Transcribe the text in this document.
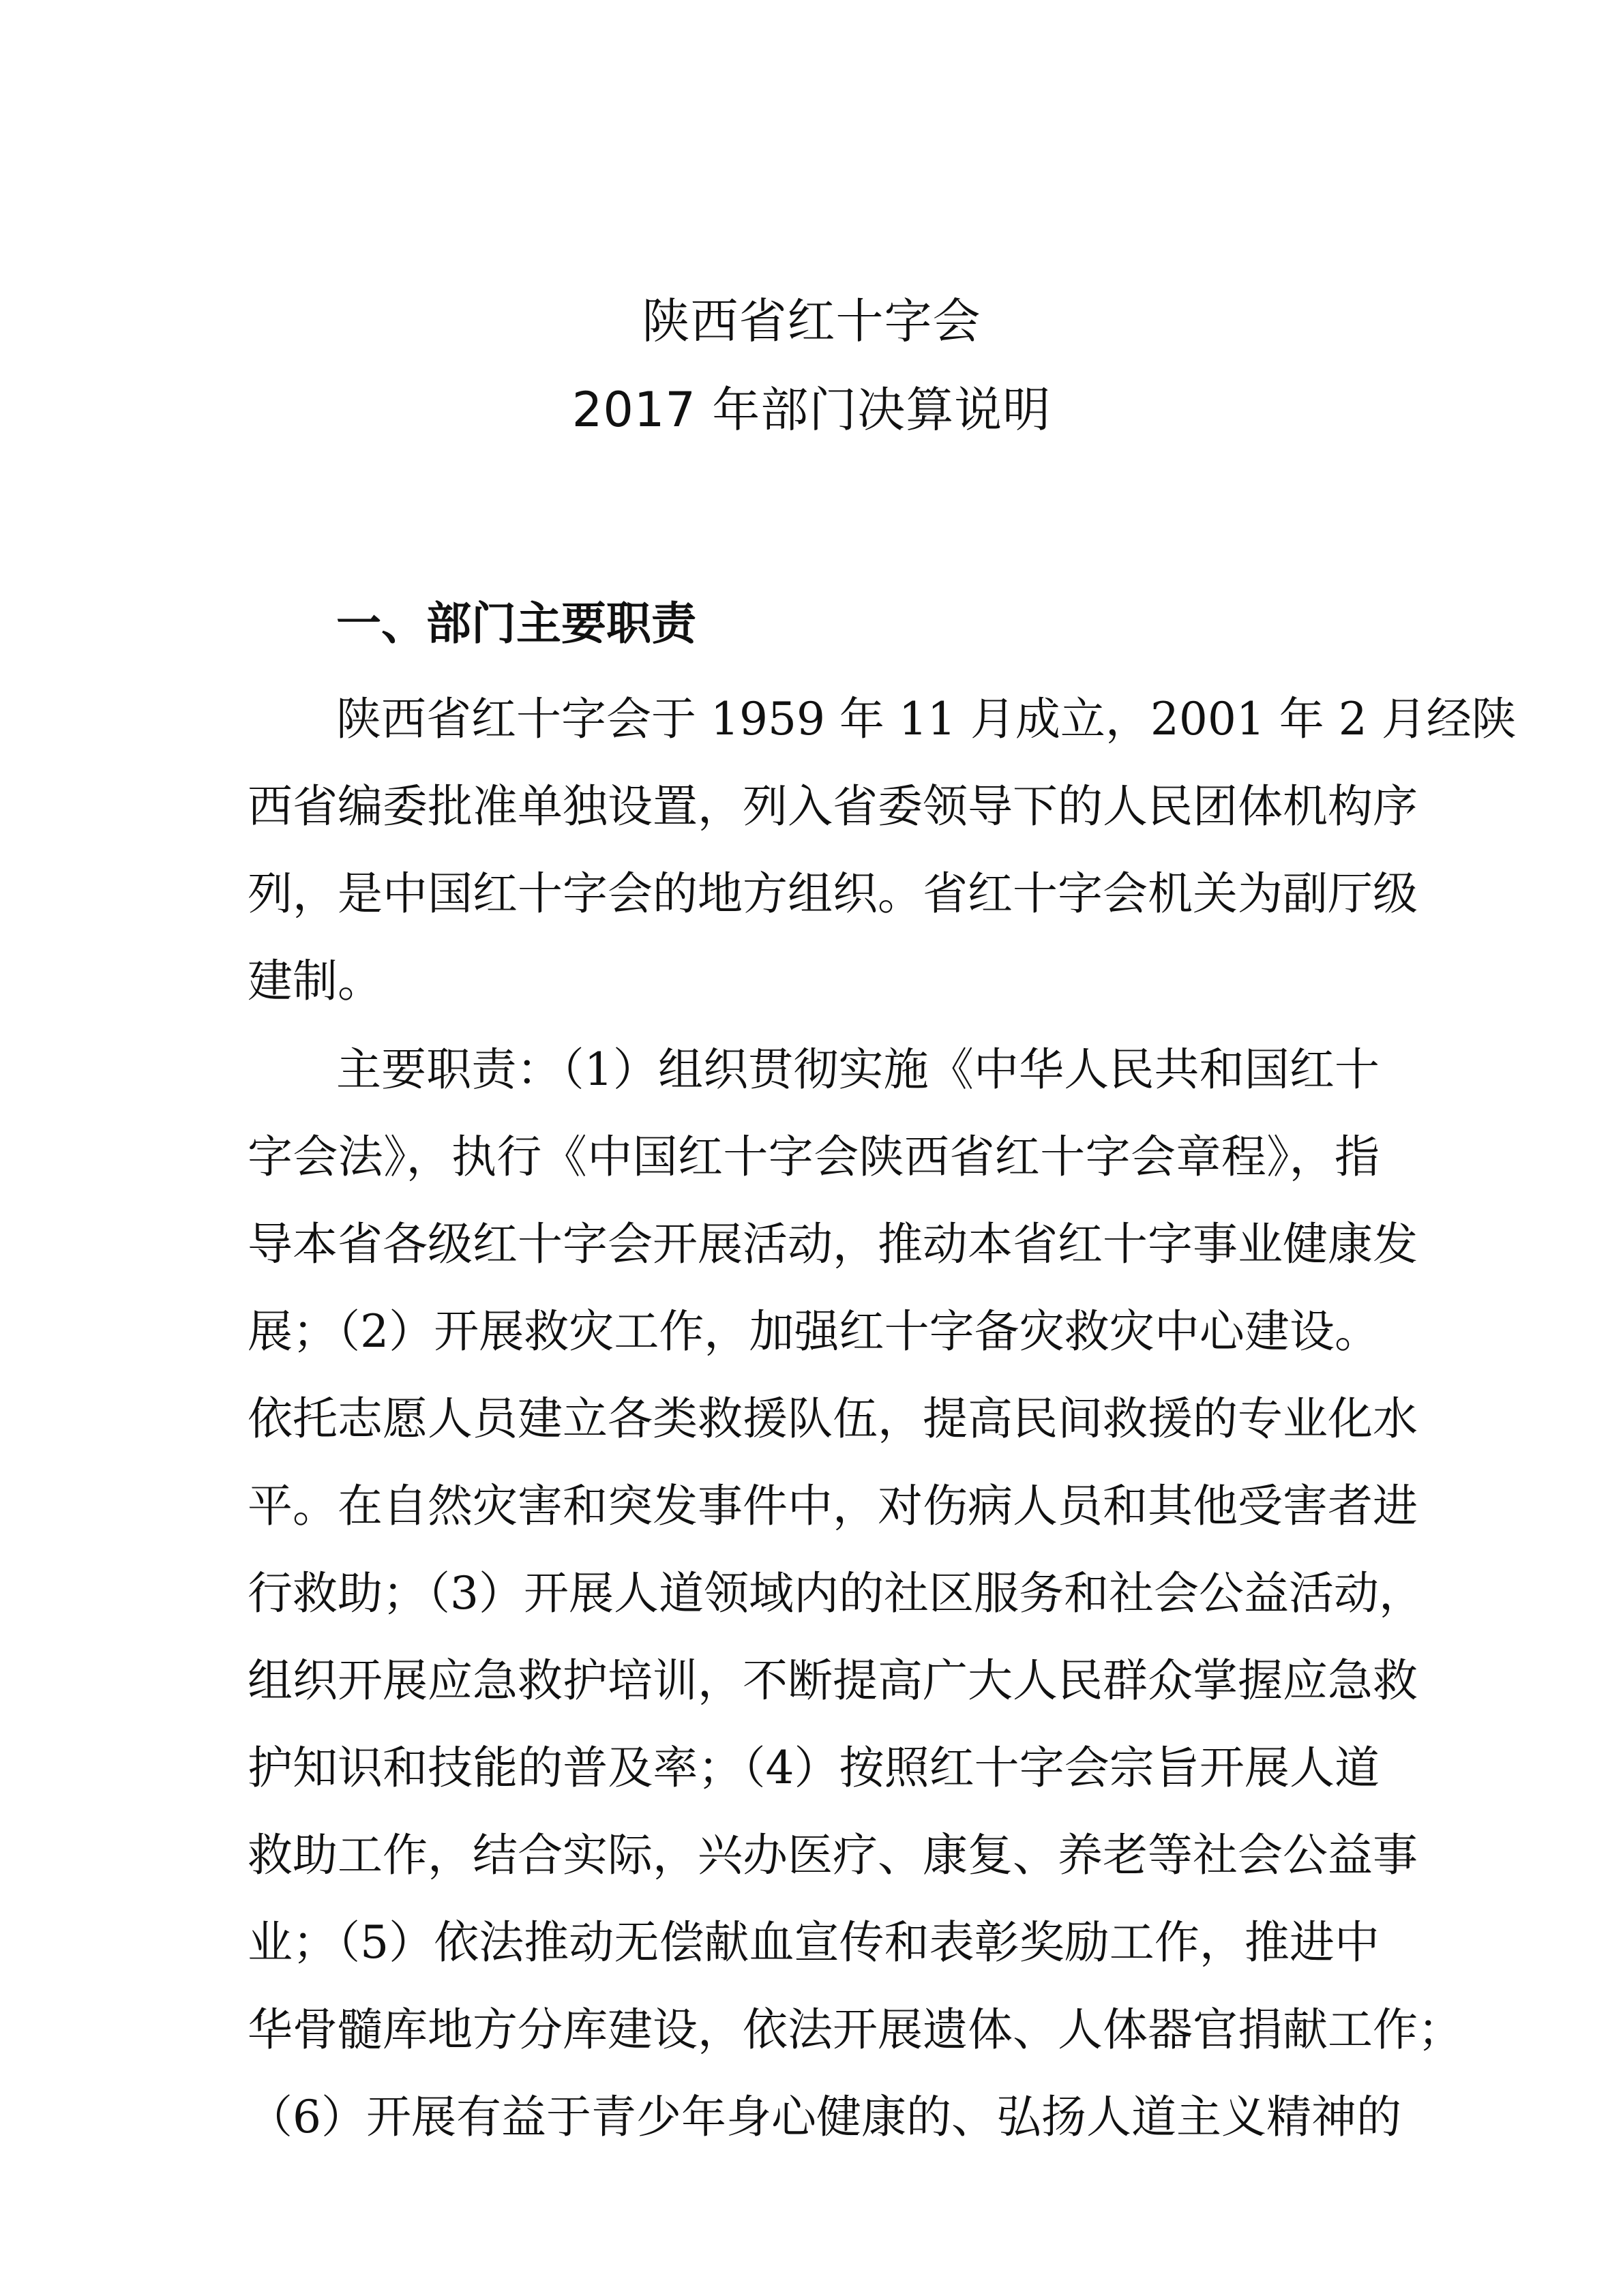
陕西省红十字会
2017 年部门决算说明
一、部门主要职责
陕西省红十字会于 1959 年 11 月成立，2001 年 2 月经陕
西省编委批准单独设置，列入省委领导下的人民团体机构序
列，是中国红十字会的地方组织。省红十字会机关为副厅级
建制。
主要职责：（1）组织贯彻实施《中华人民共和国红十
字会法》，执行《中国红十字会陕西省红十字会章程》，指
导本省各级红十字会开展活动，推动本省红十字事业健康发
展；（2）开展救灾工作，加强红十字备灾救灾中心建设。
依托志愿人员建立各类救援队伍，提高民间救援的专业化水
平。在自然灾害和突发事件中，对伤病人员和其他受害者进
行救助；（3）开展人道领域内的社区服务和社会公益活动，
组织开展应急救护培训，不断提高广大人民群众掌握应急救
护知识和技能的普及率；（4）按照红十字会宗旨开展人道
救助工作，结合实际，兴办医疗、康复、养老等社会公益事
业；（5）依法推动无偿献血宣传和表彰奖励工作，推进中
华骨髓库地方分库建设，依法开展遗体、人体器官捐献工作；
（6）开展有益于青少年身心健康的、弘扬人道主义精神的
